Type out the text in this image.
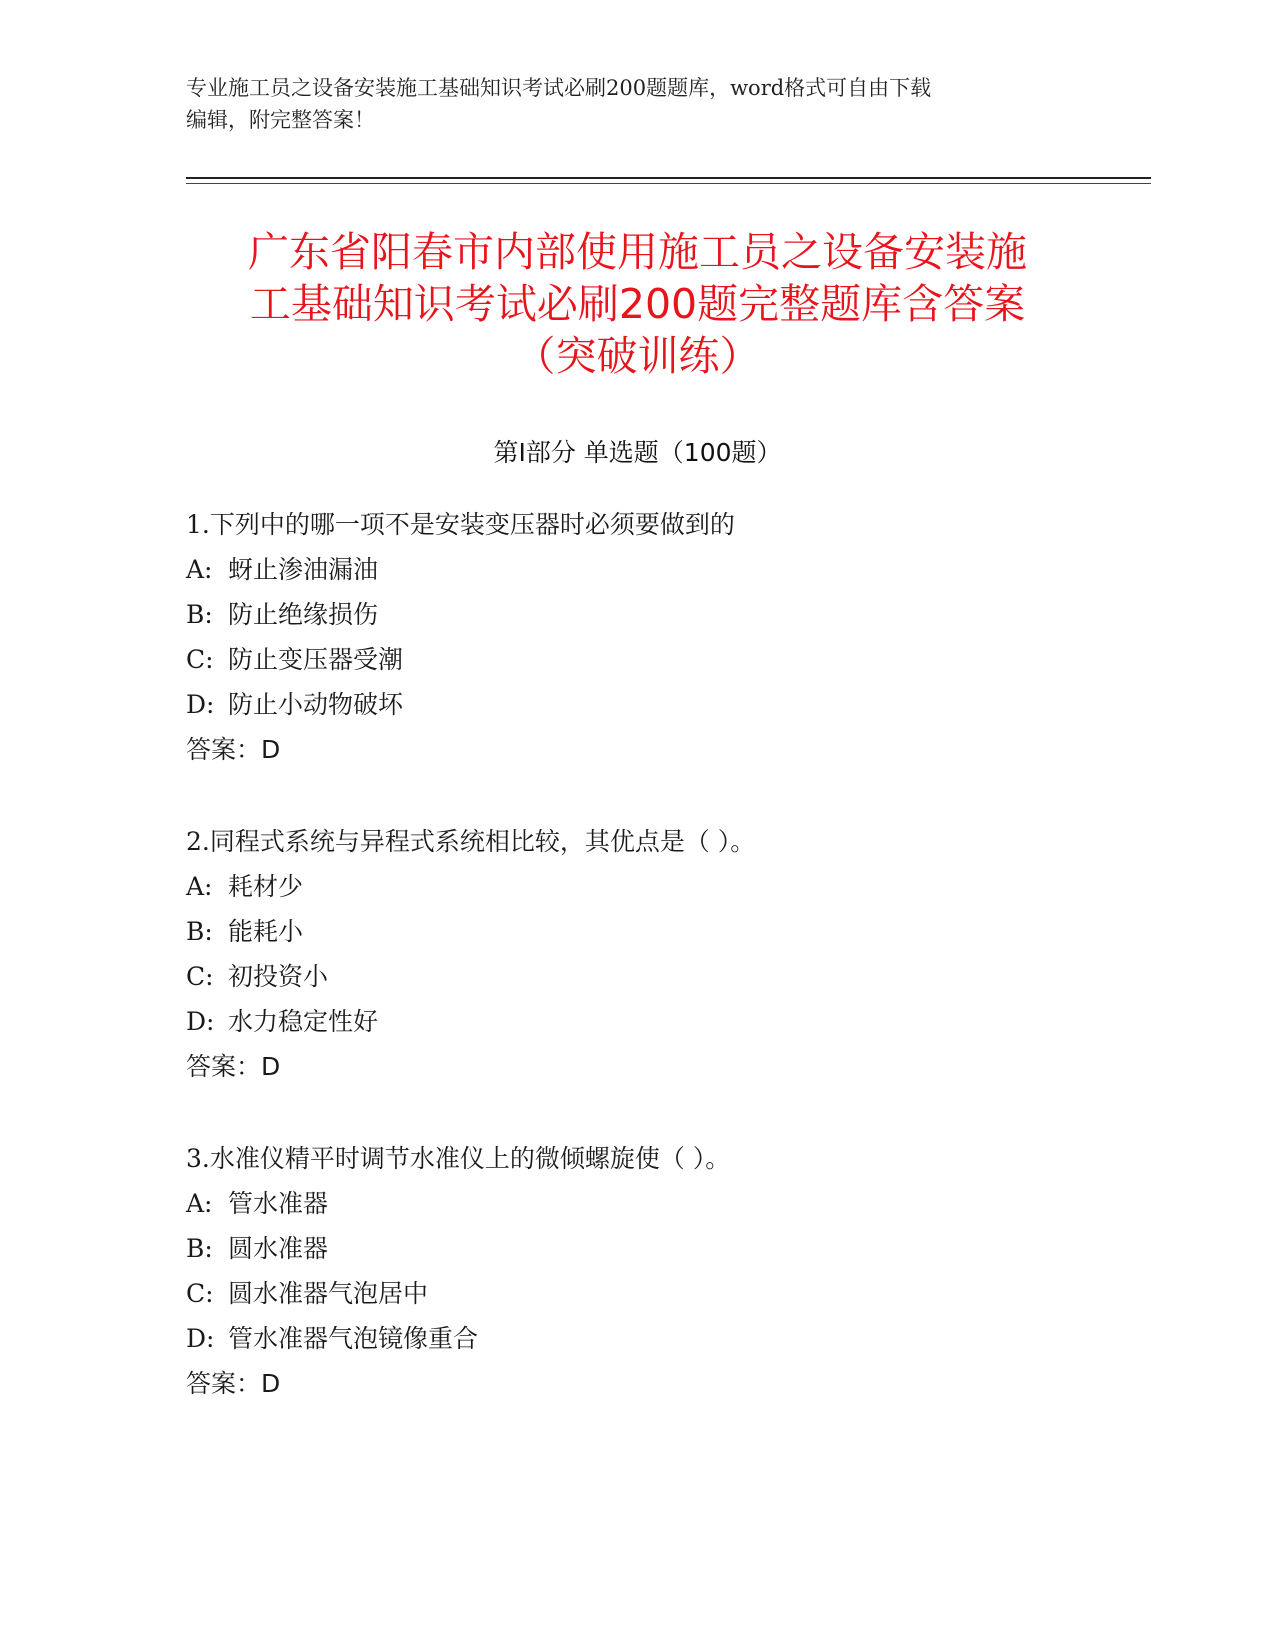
专业施工员之设备安装施工基础知识考试必刷200题题库，word格式可自由下载
编辑，附完整答案！
广东省阳春市内部使用施工员之设备安装施
工基础知识考试必刷200题完整题库含答案
（突破训练）
第Ⅰ部分 单选题（100题）
1.下列中的哪一项不是安装变压器时必须要做到的
A: 蚜止渗油漏油
B: 防止绝缘损伤
C: 防止变压器受潮
D: 防止小动物破坏
答案：D
2.同程式系统与异程式系统相比较，其优点是（ ）。
A: 耗材少
B: 能耗小
C: 初投资小
D: 水力稳定性好
答案：D
3.水准仪精平时调节水准仪上的微倾螺旋使（ ）。
A: 管水准器
B: 圆水准器
C: 圆水准器气泡居中
D: 管水准器气泡镜像重合
答案：D
